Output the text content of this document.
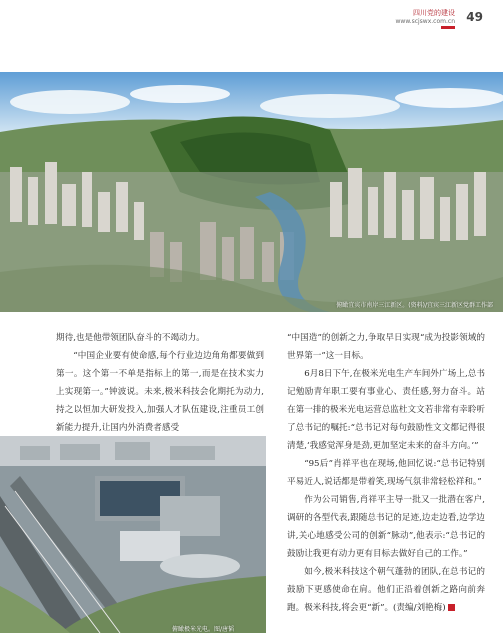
四川党的建设
www.scjswx.com.cn 49
俯瞰宜宾市南岸三江新区。(资料)/宜宾三江新区党群工作部

期待,也是他带领团队奋斗的不竭动力。

“中国企业要有使命感,每个行业边边角角都要做到第一。这个第一不单是指标上的第一,而是在技术实力上实现第一。”钟波说。未来,极米科技会化期托为动力,持之以恒加大研发投入,加强人才队伍建设,注重员工创新能力提升,让国内外消费者感受

“中国造”的创新之力,争取早日实现“成为投影领域的世界第一”这一目标。

6月8日下午,在极米光电生产车间外广场上,总书记勉励青年职工要有事业心、责任感,努力奋斗。站在第一排的极米光电运营总监杜文文若非常有幸聆听了总书记的嘱托:“总书记对每句鼓励性文文都记得很清楚,‘我感觉浑身是劲,更加坚定未来的奋斗方向。’”

“95后”肖祥平也在现场,他回忆说:“总书记特别平易近人,说话都是带着笑,现场气氛非常轻松祥和。”

作为公司销售,肖祥平主导一批又一批潜在客户,调研的各型代表,跟随总书记的足迹,边走边看,边学边讲,关心地感受公司的创新“脉动”,他表示:“总书记的鼓励让我更有动力更有目标去做好自己的工作。”

如今,极米科技这个朝气蓬勃的团队,在总书记的鼓励下更感使命在肩。他们正沿着创新之路向前奔跑。极米科技,将会更“新”。(责编/刘艳梅)

俯瞰极米光电。图/唐韬
